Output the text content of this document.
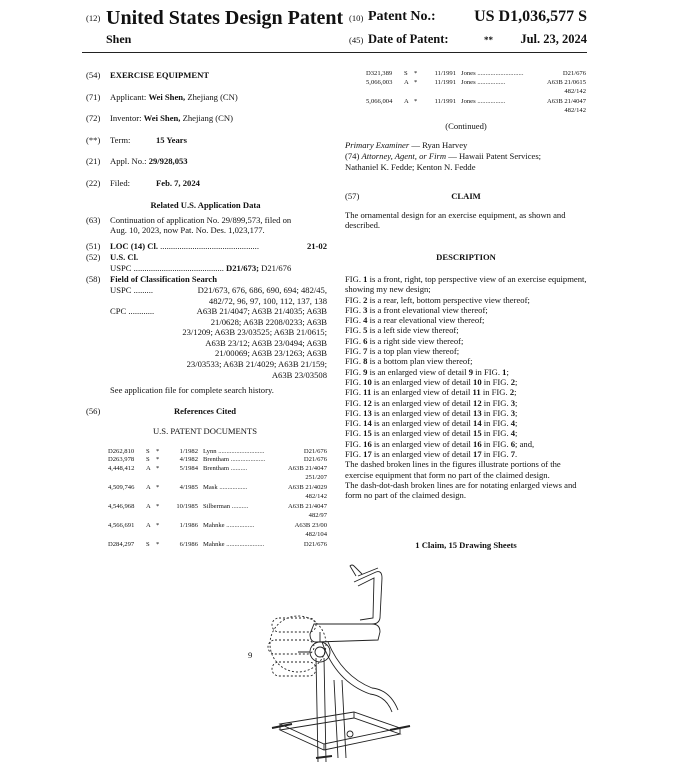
(12) United States Design Patent
Shen
(10) Patent No.: US D1,036,577 S
(45) Date of Patent:	** Jul. 23, 2024
(54) EXERCISE EQUIPMENT
(71) Applicant: Wei Shen, Zhejiang (CN)
(72) Inventor: Wei Shen, Zhejiang (CN)
(**) Term:	15 Years
(21) Appl. No.: 29/928,053
(22) Filed:	Feb. 7, 2024
Related U.S. Application Data
(63) Continuation of application No. 29/899,573, filed on
Aug. 10, 2023, now Pat. No. Des. 1,023,177.
(51) LOC (14) Cl. ..............................................	21-02
(52) U.S. Cl.
USPC .......................................... D21/673; D21/676
(58) Field of Classification Search
USPC .........	D21/673, 676, 686, 690, 694; 482/45,
482/72, 96, 97, 100, 112, 137, 138
CPC ............	A63B 21/4047; A63B 21/4035; A63B
21/0628; A63B 2208/0233; A63B
23/1209; A63B 23/03525; A63B 21/0615;
A63B 23/12; A63B 23/0494; A63B
21/00069; A63B 23/1263; A63B
23/03533; A63B 21/4029; A63B 21/159;
A63B 23/03508
See application file for complete search history.
(56)	References Cited
U.S. PATENT DOCUMENTS
D262,810 S *	1/1982 Lynn ............................	D21/676
D263,978 S *	4/1982 Brentham .....................	D21/676
4,448,412 A *	5/1984 Brentham ..........	A63B 21/4047
251/207
4,509,746 A *	4/1985 Mask .................	A63B 21/4029
482/142
4,546,968 A *	10/1985 Silberman ..........	A63B 21/4047
482/97
4,566,691 A *	1/1986 Mahnke .................	A63B 23/00
482/104
D284,297 S *	6/1986 Mahnke .......................	D21/676
D321,389 S *	11/1991 Jones ............................	D21/676
5,066,003 A *	11/1991 Jones .................	A63B 21/0615
482/142
5,066,004 A *	11/1991 Jones .................	A63B 21/4047
482/142
(Continued)
Primary Examiner — Ryan Harvey
(74) Attorney, Agent, or Firm — Hawaii Patent Services;
Nathaniel K. Fedde; Kenton N. Fedde
(57)	CLAIM
The ornamental design for an exercise equipment, as shown and described.
DESCRIPTION
FIG. 1 is a front, right, top perspective view of an exercise equipment, showing my new design;
FIG. 2 is a rear, left, bottom perspective view thereof;
FIG. 3 is a front elevational view thereof;
FIG. 4 is a rear elevational view thereof;
FIG. 5 is a left side view thereof;
FIG. 6 is a right side view thereof;
FIG. 7 is a top plan view thereof;
FIG. 8 is a bottom plan view thereof;
FIG. 9 is an enlarged view of detail 9 in FIG. 1;
FIG. 10 is an enlarged view of detail 10 in FIG. 2;
FIG. 11 is an enlarged view of detail 11 in FIG. 2;
FIG. 12 is an enlarged view of detail 12 in FIG. 3;
FIG. 13 is an enlarged view of detail 13 in FIG. 3;
FIG. 14 is an enlarged view of detail 14 in FIG. 4;
FIG. 15 is an enlarged view of detail 15 in FIG. 4;
FIG. 16 is an enlarged view of detail 16 in FIG. 6; and,
FIG. 17 is an enlarged view of detail 17 in FIG. 7.
The dashed broken lines in the figures illustrate portions of the exercise equipment that form no part of the claimed design.
The dash-dot-dash broken lines are for notating enlarged views and form no part of the claimed design.
1 Claim, 15 Drawing Sheets
9
